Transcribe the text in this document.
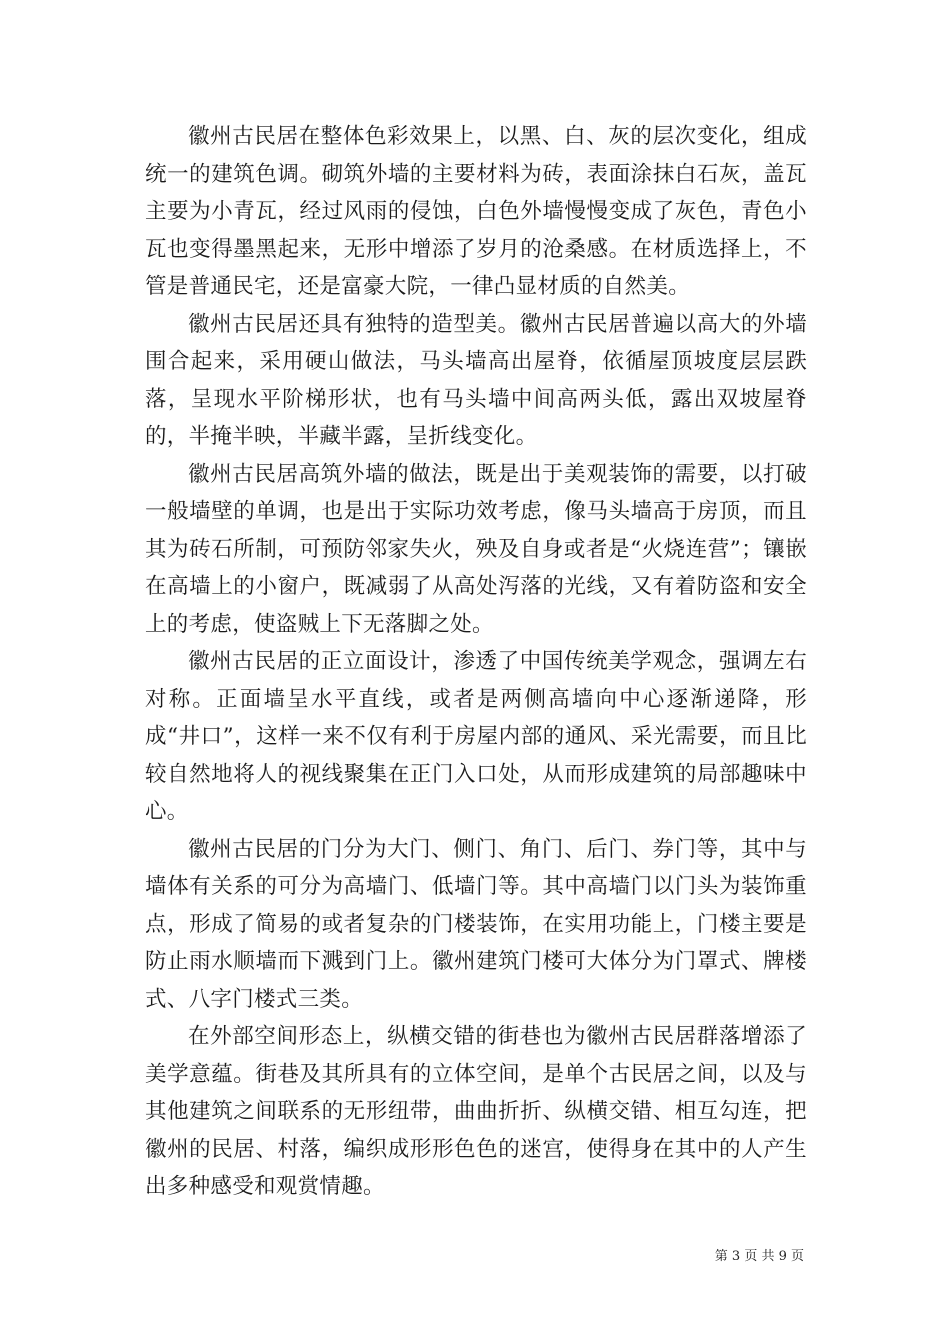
徽州古民居在整体色彩效果上，以黑、白、灰的层次变化，组成统一的建筑色调。砌筑外墙的主要材料为砖，表面涂抹白石灰，盖瓦主要为小青瓦，经过风雨的侵蚀，白色外墙慢慢变成了灰色，青色小瓦也变得墨黑起来，无形中增添了岁月的沧桑感。在材质选择上，不管是普通民宅，还是富豪大院，一律凸显材质的自然美。

徽州古民居还具有独特的造型美。徽州古民居普遍以高大的外墙围合起来，采用硬山做法，马头墙高出屋脊，依循屋顶坡度层层跌落，呈现水平阶梯形状，也有马头墙中间高两头低，露出双坡屋脊的，半掩半映，半藏半露，呈折线变化。

徽州古民居高筑外墙的做法，既是出于美观装饰的需要，以打破一般墙壁的单调，也是出于实际功效考虑，像马头墙高于房顶，而且其为砖石所制，可预防邻家失火，殃及自身或者是“火烧连营”；镶嵌在高墙上的小窗户，既减弱了从高处泻落的光线，又有着防盗和安全上的考虑，使盗贼上下无落脚之处。

徽州古民居的正立面设计，渗透了中国传统美学观念，强调左右对称。正面墙呈水平直线，或者是两侧高墙向中心逐渐递降，形成“井口”，这样一来不仅有利于房屋内部的通风、采光需要，而且比较自然地将人的视线聚集在正门入口处，从而形成建筑的局部趣味中心。

徽州古民居的门分为大门、侧门、角门、后门、券门等，其中与墙体有关系的可分为高墙门、低墙门等。其中高墙门以门头为装饰重点，形成了简易的或者复杂的门楼装饰，在实用功能上，门楼主要是防止雨水顺墙而下溅到门上。徽州建筑门楼可大体分为门罩式、牌楼式、八字门楼式三类。

在外部空间形态上，纵横交错的街巷也为徽州古民居群落增添了美学意蕴。街巷及其所具有的立体空间，是单个古民居之间，以及与其他建筑之间联系的无形纽带，曲曲折折、纵横交错、相互勾连，把徽州的民居、村落，编织成形形色色的迷宫，使得身在其中的人产生出多种感受和观赏情趣。

第 3 页 共 9 页
